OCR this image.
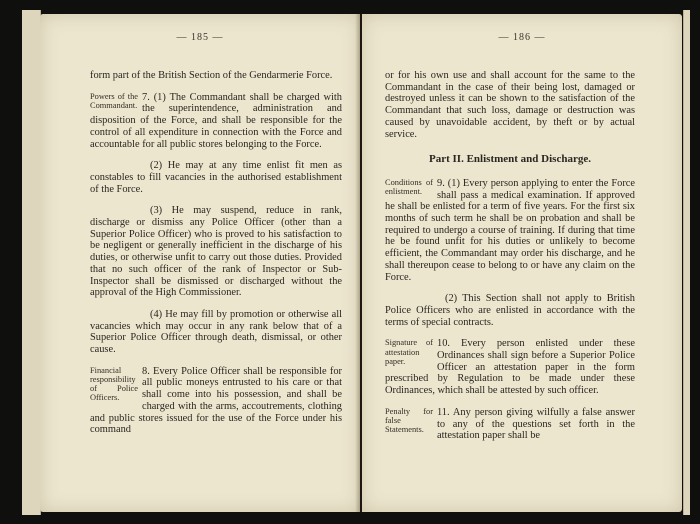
— 185 —

form part of the British Section of the Gendarmerie Force.

Powers of the Commandant.
7. (1) The Commandant shall be charged with the superintendence, administration and disposition of the Force, and shall be responsible for the control of all expenditure in connection with the Force and accountable for all public stores belonging to the Force.

(2) He may at any time enlist fit men as constables to fill vacancies in the authorised establishment of the Force.

(3) He may suspend, reduce in rank, discharge or dismiss any Police Officer (other than a Superior Police Officer) who is proved to his satisfaction to be negligent or generally inefficient in the discharge of his duties, or otherwise unfit to carry out those duties. Provided that no such officer of the rank of Inspector or Sub-Inspector shall be dismissed or discharged without the approval of the High Commissioner.

(4) He may fill by promotion or otherwise all vacancies which may occur in any rank below that of a Superior Police Officer through death, dismissal, or other cause.

Financial responsibility of Police Officers.
8. Every Police Officer shall be responsible for all public moneys entrusted to his care or that shall come into his possession, and shall be charged with the arms, accoutrements, clothing and public stores issued for the use of the Force under his command
— 186 —

or for his own use and shall account for the same to the Commandant in the case of their being lost, damaged or destroyed unless it can be shown to the satisfaction of the Commandant that such loss, damage or destruction was caused by unavoidable accident, by theft or by actual service.

Part II. Enlistment and Discharge.
Conditions of enlistment.
9. (1) Every person applying to enter the Force shall pass a medical examination. If approved he shall be enlisted for a term of five years. For the first six months of such term he shall be on probation and shall be required to undergo a course of training. If during that time he be found unfit for his duties or unlikely to become efficient, the Commandant may order his discharge, and he shall thereupon cease to belong to or have any claim on the Force.

(2) This Section shall not apply to British Police Officers who are enlisted in accordance with the terms of special contracts.

Signature of attestation paper.
10. Every person enlisted under these Ordinances shall sign before a Superior Police Officer an attestation paper in the form prescribed by Regulation to be made under these Ordinances, which shall be attested by such officer.
Penalty for false Statements.
11. Any person giving wilfully a false answer to any of the questions set forth in the attestation paper shall be
